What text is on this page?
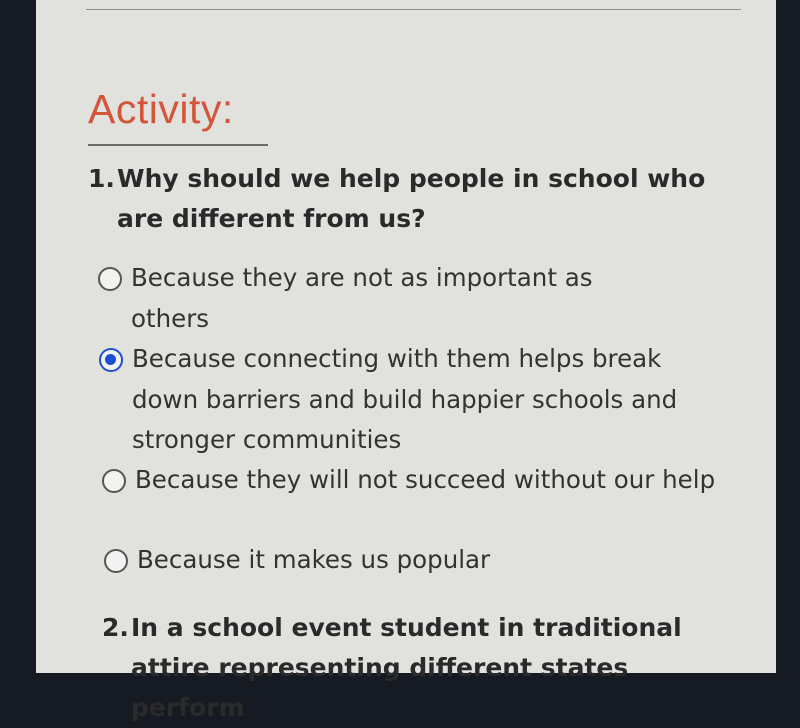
Activity:
1.Why should we help people in school who
are different from us?
Because they are not as important as others
Because connecting with them helps break down barriers and build happier schools and stronger communities
Because they will not succeed without our help
Because it makes us popular
2.In a school event student in traditional
attire representing different states perform
